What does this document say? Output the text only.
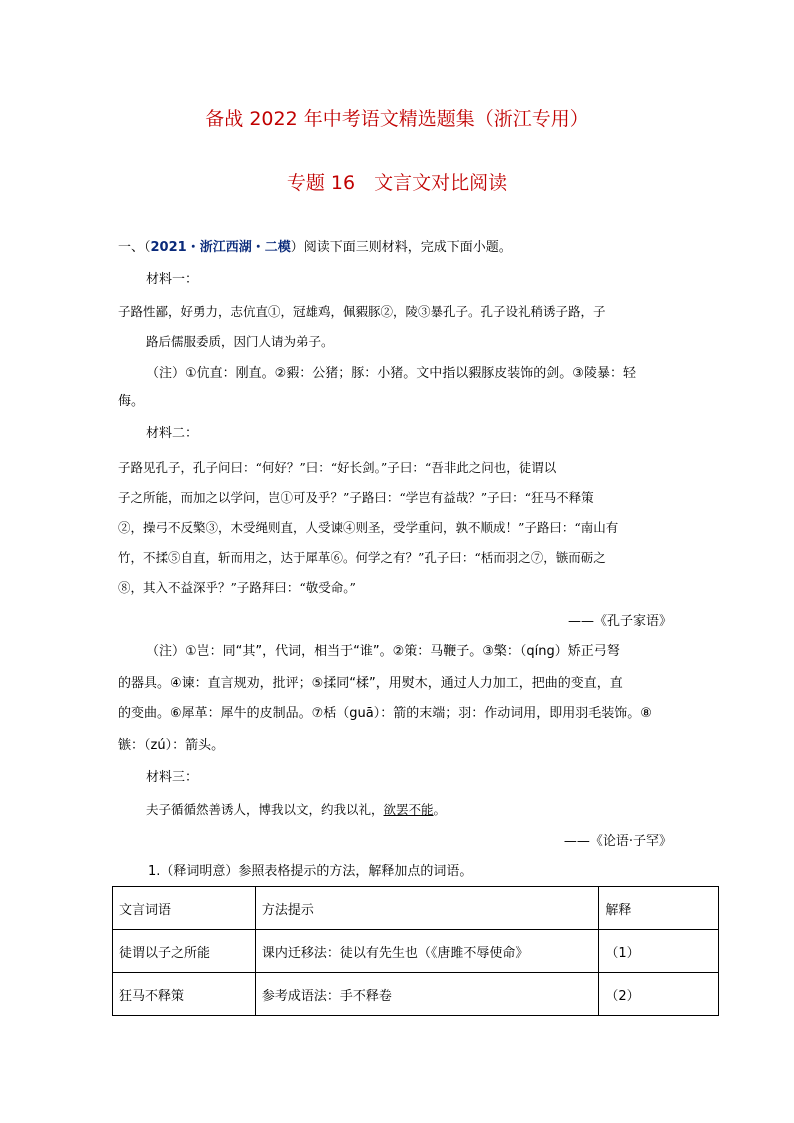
备战 2022 年中考语文精选题集（浙江专用）
专题 16　文言文对比阅读
一、（2021・浙江西湖・二模）阅读下面三则材料，完成下面小题。
材料一：
子路性鄙，好勇力，志伉直①，冠雄鸡，佩豭豚②，陵③暴孔子。孔子设礼稍诱子路，子
路后儒服委质，因门人请为弟子。
（注）①伉直：刚直。②豭：公猪；豚：小猪。文中指以豭豚皮装饰的剑。③陵暴：轻
侮。
材料二：
子路见孔子，孔子问曰：“何好？”曰：“好长剑。”子曰：“吾非此之问也，徒谓以
子之所能，而加之以学问，岂①可及乎？”子路曰：“学岂有益哉？”子曰：“狂马不释策
②，操弓不反檠③，木受绳则直，人受谏④则圣，受学重问，孰不顺成！”子路曰：“南山有
竹，不揉⑤自直，斩而用之，达于犀革⑥。何学之有？”孔子曰：“栝而羽之⑦，镞而砺之
⑧，其入不益深乎？”子路拜曰：“敬受命。”
——《孔子家语》
（注）①岂：同“其”，代词，相当于“谁”。②策：马鞭子。③檠：（qíng）矫正弓弩
的器具。④谏：直言规劝，批评；⑤揉同“楺”，用熨木，通过人力加工，把曲的变直，直
的变曲。⑥犀革：犀牛的皮制品。⑦栝（guā）：箭的末端；羽：作动词用，即用羽毛装饰。⑧
镞：（zú）：箭头。
材料三：
夫子循循然善诱人，博我以文，约我以礼，欲罢不能。
——《论语·子罕》
1.（释词明意）参照表格提示的方法，解释加点的词语。
文言词语	方法提示	解释
徒谓以子之所能	课内迁移法：徒以有先生也（《唐雎不辱使命》	（1）
狂马不释策	参考成语法：手不释卷	（2）
